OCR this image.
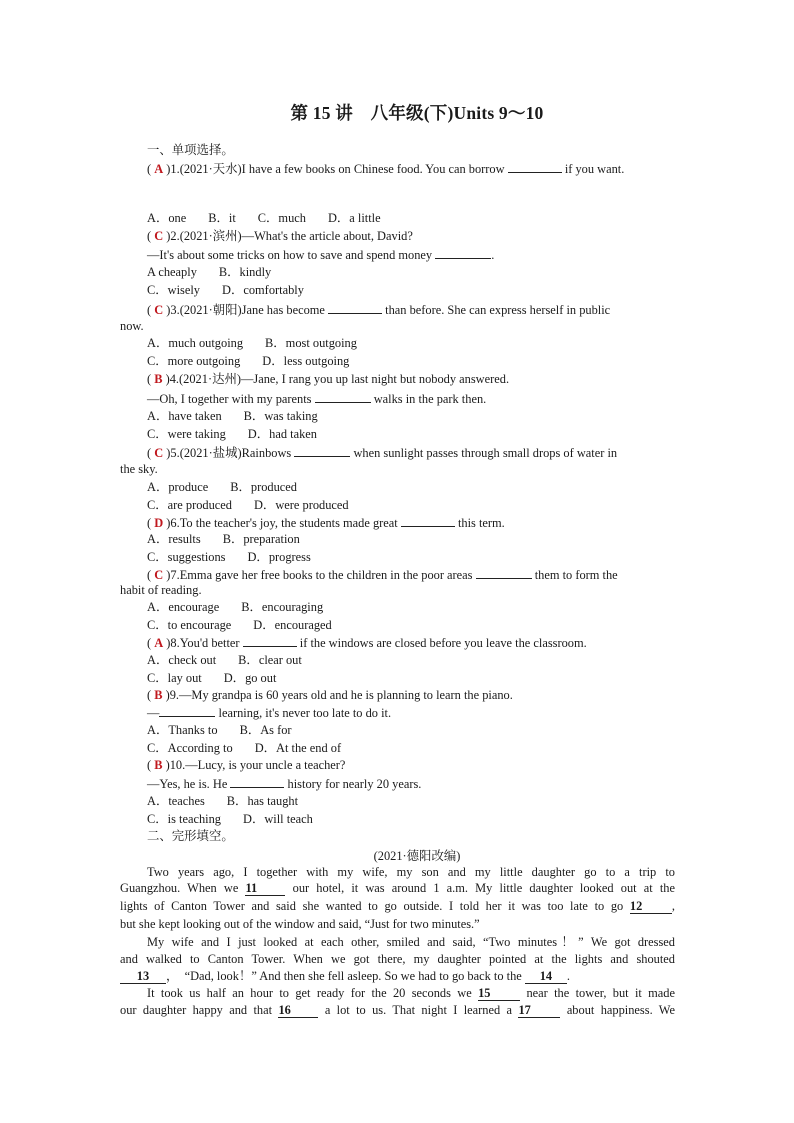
第 15 讲　八年级(下)Units 9～10
一、单项选择。
( A )1.(2021·天水)I have a few books on Chinese food. You can borrow	if you want.
A．one B．it C．much D．a little
( C )2.(2021·滨州)—What's the article about, David?
—It's about some tricks on how to save and spend money	.
A cheaply B．kindly
C．wisely D．comfortably
( C )3.(2021·朝阳)Jane has become	than before. She can express herself in public
now.
A．much outgoing B．most outgoing
C．more outgoing D．less outgoing
( B )4.(2021·达州)—Jane, I rang you up last night but nobody answered.
—Oh, I together with my parents	walks in the park then.
A．have taken B．was taking
C．were taking D．had taken
( C )5.(2021·盐城)Rainbows	when sunlight passes through small drops of water in
the sky.
A．produce B．produced
C．are produced D．were produced
( D )6.To the teacher's joy, the students made great	this term.
A．results B．preparation
C．suggestions D．progress
( C )7.Emma gave her free books to the children in the poor areas	them to form the
habit of reading.
A．encourage B．encouraging
C．to encourage D．encouraged
( A )8.You'd better	if the windows are closed before you leave the classroom.
A．check out B．clear out
C．lay out D．go out
( B )9.—My grandpa is 60 years old and he is planning to learn the piano.
—	learning, it's never too late to do it.
A．Thanks to B．As for
C．According to D．At the end of
( B )10.—Lucy, is your uncle a teacher?
—Yes, he is. He	history for nearly 20 years.
A．teaches B．has taught
C．is teaching D．will teach
二、完形填空。
(2021·德阳改编)
Two years ago, I together with my wife, my son and my little daughter go to a trip to
Guangzhou. When we 11	our hotel, it was around 1 a.m. My little daughter looked out at the
lights of Canton Tower and said she wanted to go outside. I told her it was too late to go 12 ,
but she kept looking out of the window and said, “Just for two minutes.”
My wife and I just looked at each other, smiled and said, “Two minutes！” We got dressed
and walked to Canton Tower. When we got there, my daughter pointed at the lights and shouted
13 ，　“Dad, look！” And then she fell asleep. So we had to go back to the 14 .
It took us half an hour to get ready for the 20 seconds we 15	near the tower, but it made
our daughter happy and that 16	a lot to us. That night I learned a 17	about happiness. We
